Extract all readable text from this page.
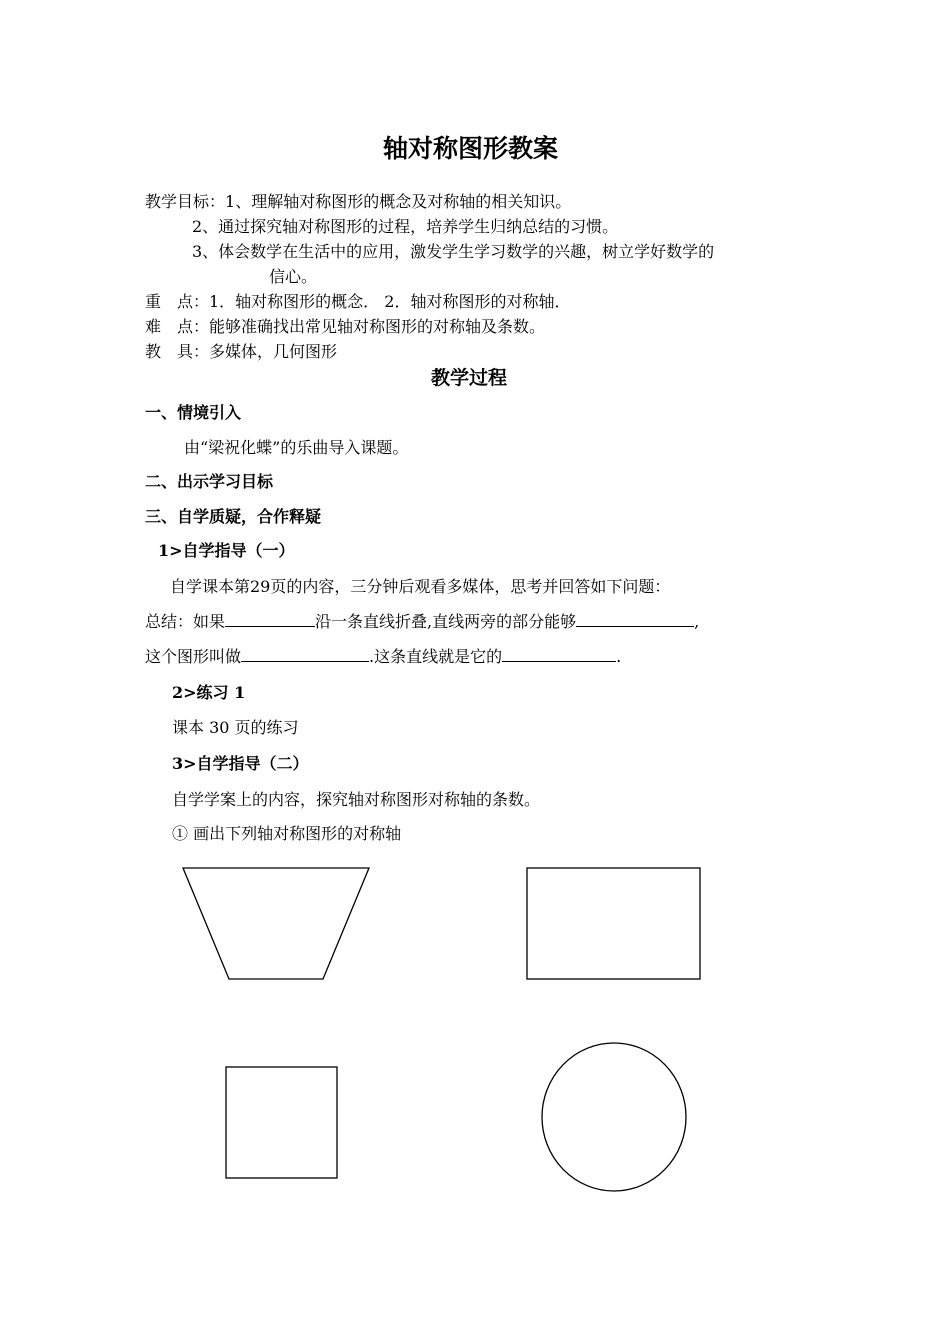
轴对称图形教案
教学目标：1、理解轴对称图形的概念及对称轴的相关知识。
2、通过探究轴对称图形的过程，培养学生归纳总结的习惯。
3、体会数学在生活中的应用，激发学生学习数学的兴趣，树立学好数学的
信心。
重　点：1．轴对称图形的概念． 2．轴对称图形的对称轴．
难　点：能够准确找出常见轴对称图形的对称轴及条数。
教　具：多媒体，几何图形
教学过程
一、情境引入
由“梁祝化蝶”的乐曲导入课题。
二、出示学习目标
三、自学质疑，合作释疑
1>自学指导（一）
自学课本第29页的内容，三分钟后观看多媒体，思考并回答如下问题：
总结：如果	沿一条直线折叠,直线两旁的部分能够	,
这个图形叫做	.这条直线就是它的	.
2>练习 1
课本 30 页的练习
3>自学指导（二）
自学学案上的内容，探究轴对称图形对称轴的条数。
① 画出下列轴对称图形的对称轴
